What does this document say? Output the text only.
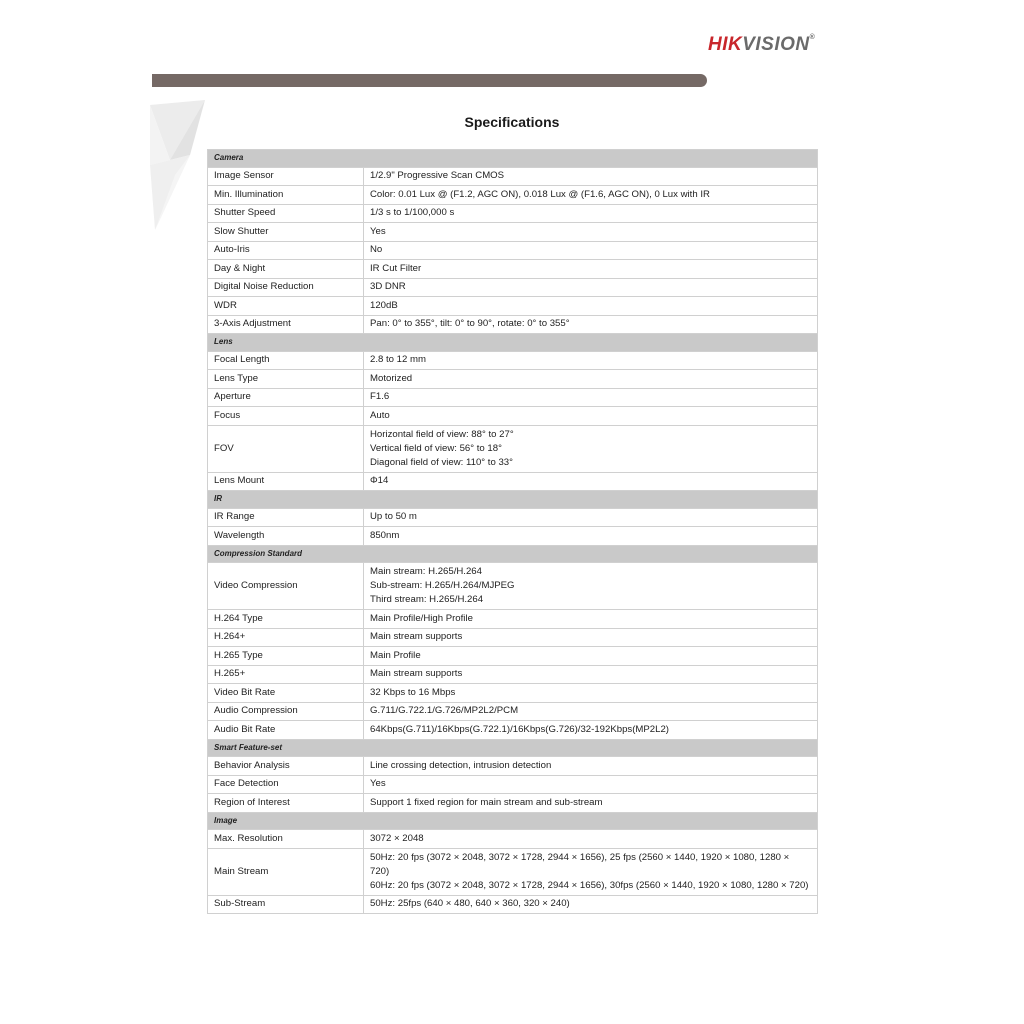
HIKVISION®
Specifications
Camera	
Image Sensor	1/2.9" Progressive Scan CMOS

Min. Illumination	Color: 0.01 Lux @ (F1.2, AGC ON), 0.018 Lux @ (F1.6, AGC ON), 0 Lux with IR

Shutter Speed	1/3 s to 1/100,000 s

Slow Shutter	Yes

Auto-Iris	No

Day & Night	IR Cut Filter

Digital Noise Reduction	3D DNR

WDR	120dB

3-Axis Adjustment	Pan: 0° to 355°, tilt: 0° to 90°, rotate: 0° to 355°

Lens	
Focal Length	2.8 to 12 mm

Lens Type	Motorized

Aperture	F1.6

Focus	Auto

FOV	Horizontal field of view: 88° to 27°
Vertical field of view: 56° to 18°
Diagonal field of view: 110° to 33°

Lens Mount	Φ14

IR	
IR Range	Up to 50 m

Wavelength	850nm

Compression Standard	
Video Compression	Main stream: H.265/H.264
Sub-stream: H.265/H.264/MJPEG
Third stream: H.265/H.264

H.264 Type	Main Profile/High Profile

H.264+	Main stream supports

H.265 Type	Main Profile

H.265+	Main stream supports

Video Bit Rate	32 Kbps to 16 Mbps

Audio Compression	G.711/G.722.1/G.726/MP2L2/PCM

Audio Bit Rate	64Kbps(G.711)/16Kbps(G.722.1)/16Kbps(G.726)/32-192Kbps(MP2L2)

Smart Feature-set	
Behavior Analysis	Line crossing detection, intrusion detection

Face Detection	Yes

Region of Interest	Support 1 fixed region for main stream and sub-stream

Image	
Max. Resolution	3072 × 2048

Main Stream	50Hz: 20 fps (3072 × 2048, 3072 × 1728, 2944 × 1656), 25 fps (2560 × 1440, 1920 × 1080, 1280 × 720)
60Hz: 20 fps (3072 × 2048, 3072 × 1728, 2944 × 1656), 30fps (2560 × 1440, 1920 × 1080, 1280 × 720)

Sub-Stream	50Hz: 25fps (640 × 480, 640 × 360, 320 × 240)
